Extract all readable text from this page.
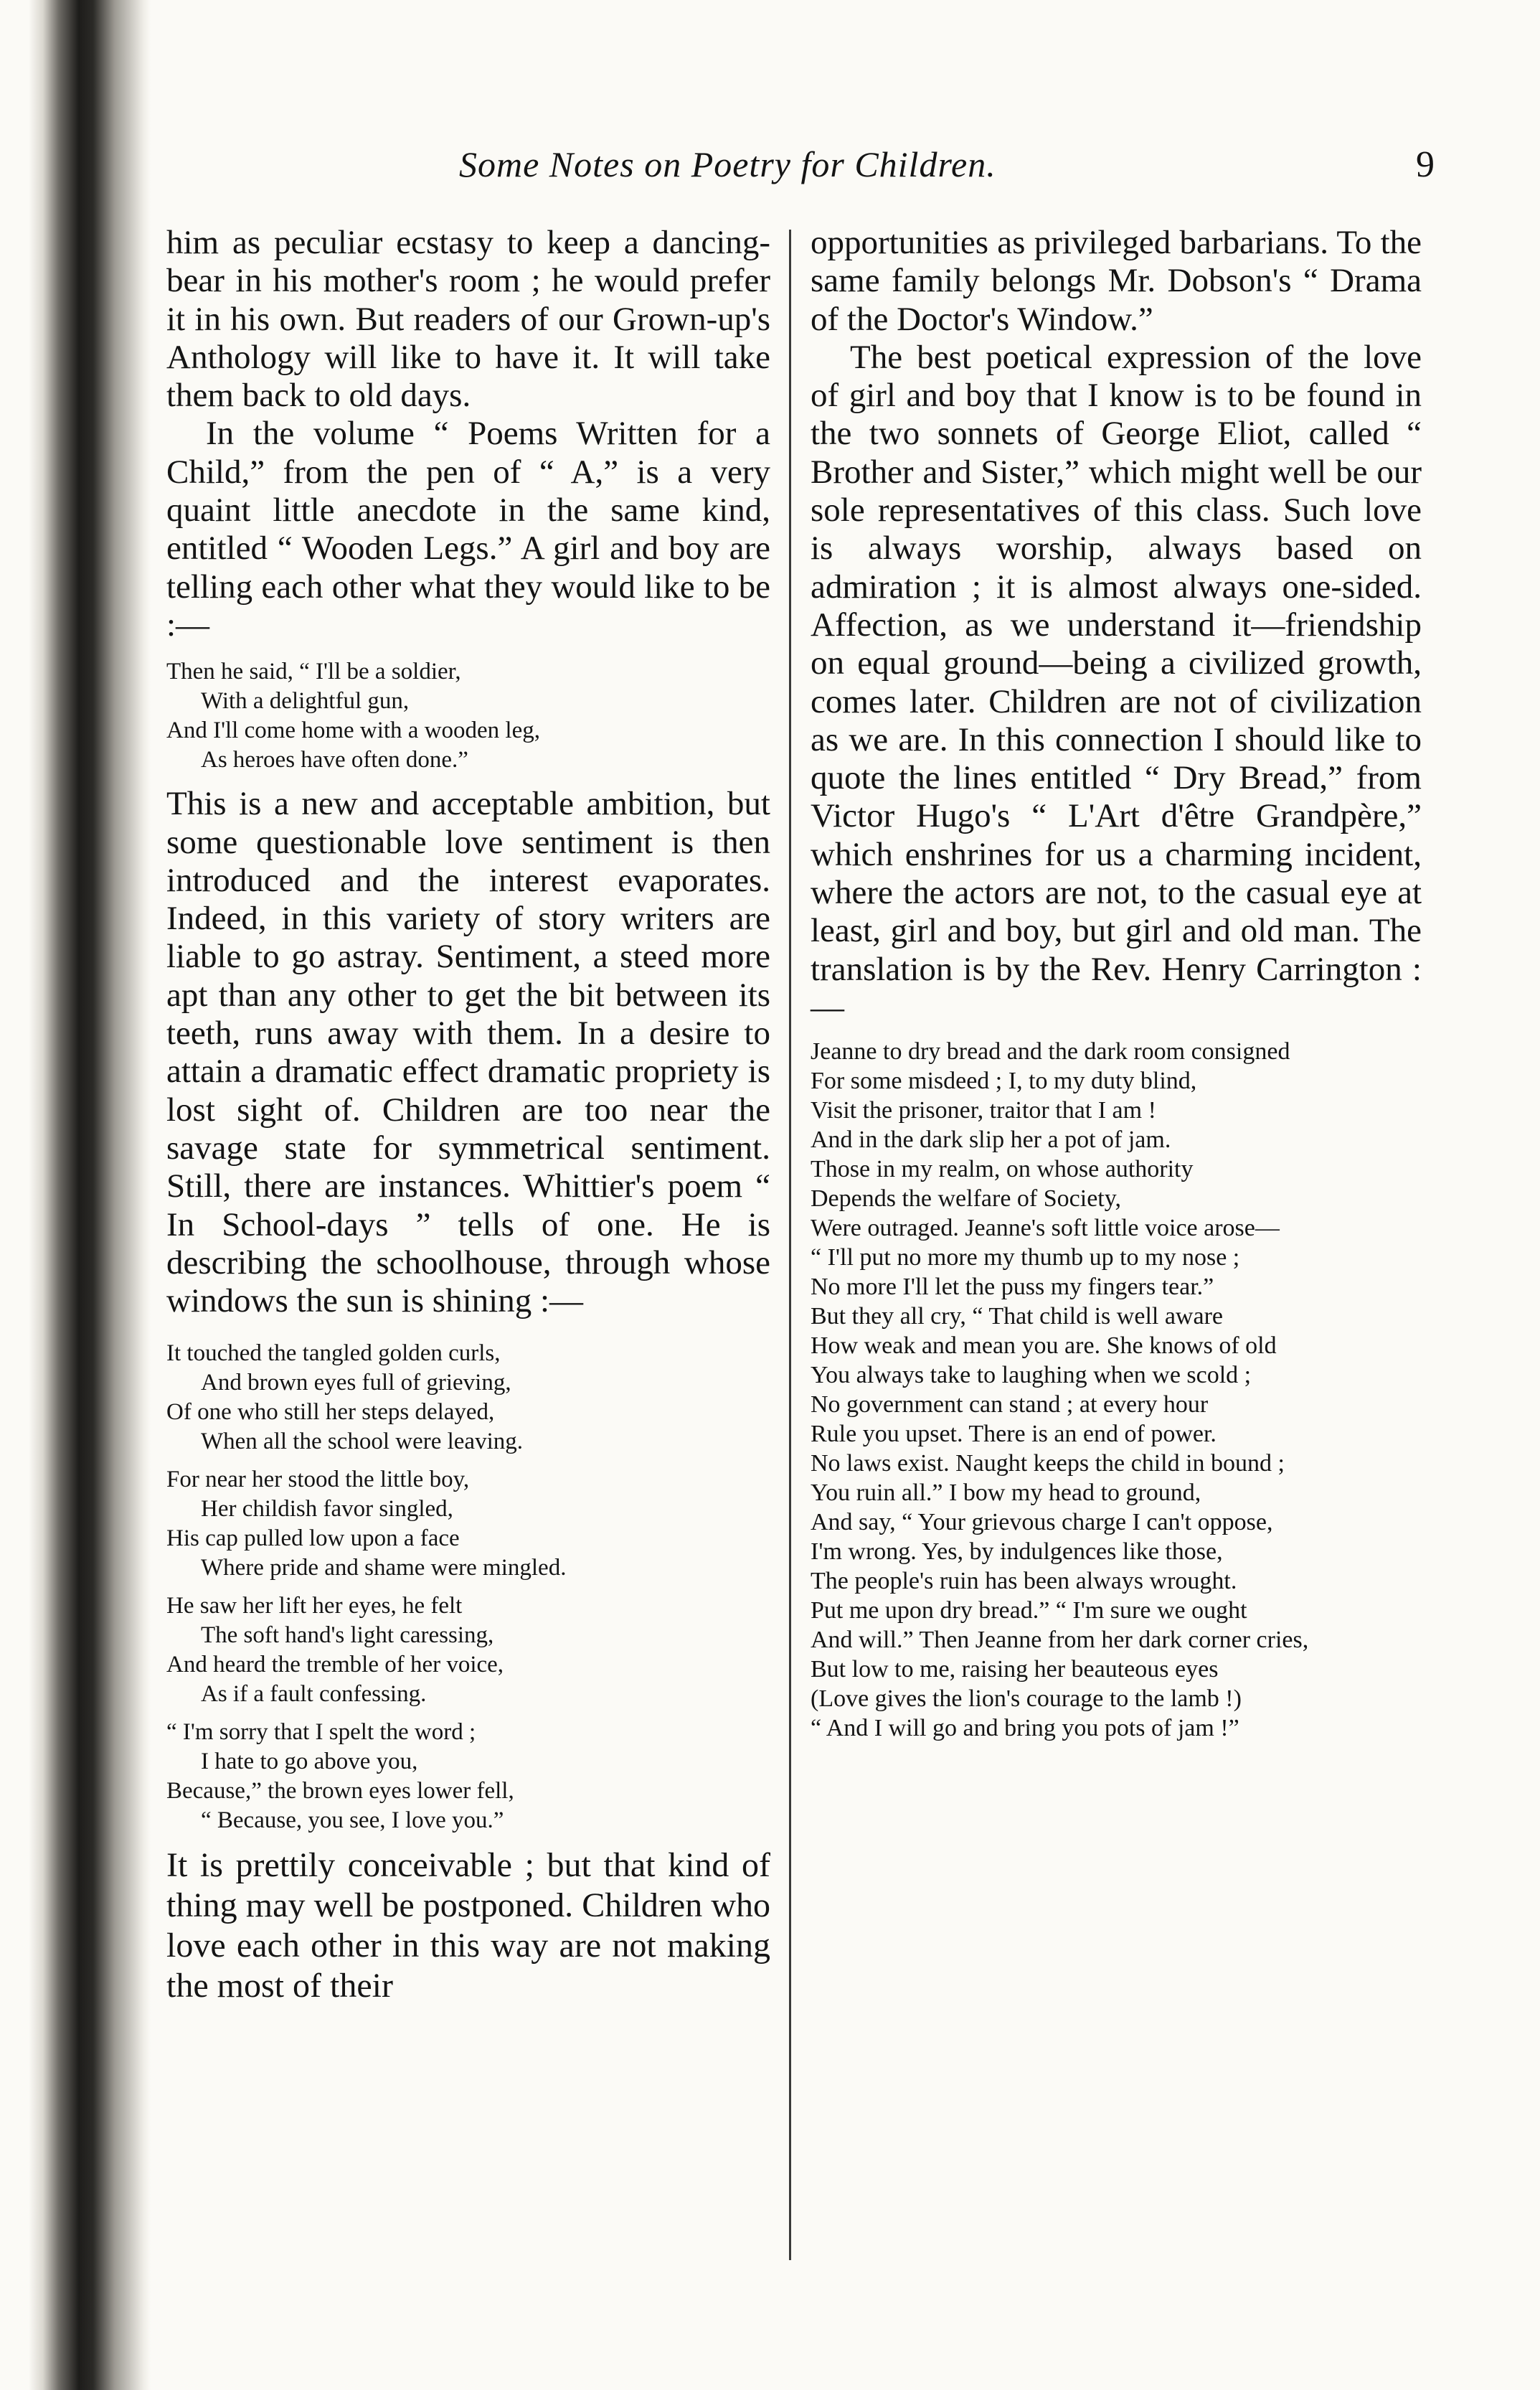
Some Notes on Poetry for Children.	9

him as peculiar ecstasy to keep a dancing-bear in his mother's room ; he would prefer it in his own. But readers of our Grown-up's Anthology will like to have it. It will take them back to old days.

In the volume “ Poems Written for a Child,” from the pen of “ A,” is a very quaint little anecdote in the same kind, entitled “ Wooden Legs.” A girl and boy are telling each other what they would like to be :—

Then he said, “ I'll be a soldier,
With a delightful gun,
And I'll come home with a wooden leg,
As heroes have often done.”

This is a new and acceptable ambition, but some questionable love sentiment is then introduced and the interest evaporates. Indeed, in this variety of story writers are liable to go astray. Sentiment, a steed more apt than any other to get the bit between its teeth, runs away with them. In a desire to attain a dramatic effect dramatic propriety is lost sight of. Children are too near the savage state for symmetrical sentiment. Still, there are instances. Whittier's poem “ In School-days ” tells of one. He is describing the schoolhouse, through whose windows the sun is shining :—

It touched the tangled golden curls,
And brown eyes full of grieving,
Of one who still her steps delayed,
When all the school were leaving.
For near her stood the little boy,
Her childish favor singled,
His cap pulled low upon a face
Where pride and shame were mingled.
He saw her lift her eyes, he felt
The soft hand's light caressing,
And heard the tremble of her voice,
As if a fault confessing.
“ I'm sorry that I spelt the word ;
I hate to go above you,
Because,” the brown eyes lower fell,
“ Because, you see, I love you.”

It is prettily conceivable ; but that kind of thing may well be postponed. Children who love each other in this way are not making the most of their

opportunities as privileged barbarians. To the same family belongs Mr. Dobson's “ Drama of the Doctor's Window.”

The best poetical expression of the love of girl and boy that I know is to be found in the two sonnets of George Eliot, called “ Brother and Sister,” which might well be our sole representatives of this class. Such love is always worship, always based on admiration ; it is almost always one-sided. Affection, as we understand it—friendship on equal ground—being a civilized growth, comes later. Children are not of civilization as we are. In this connection I should like to quote the lines entitled “ Dry Bread,” from Victor Hugo's “ L'Art d'être Grandpère,” which enshrines for us a charming incident, where the actors are not, to the casual eye at least, girl and boy, but girl and old man. The translation is by the Rev. Henry Carrington :—

Jeanne to dry bread and the dark room consigned
For some misdeed ; I, to my duty blind,
Visit the prisoner, traitor that I am !
And in the dark slip her a pot of jam.
Those in my realm, on whose authority
Depends the welfare of Society,
Were outraged. Jeanne's soft little voice arose—
“ I'll put no more my thumb up to my nose ;
No more I'll let the puss my fingers tear.”
But they all cry, “ That child is well aware
How weak and mean you are. She knows of old
You always take to laughing when we scold ;
No government can stand ; at every hour
Rule you upset. There is an end of power.
No laws exist. Naught keeps the child in bound ;
You ruin all.” I bow my head to ground,
And say, “ Your grievous charge I can't oppose,
I'm wrong. Yes, by indulgences like those,
The people's ruin has been always wrought.
Put me upon dry bread.” “ I'm sure we ought
And will.” Then Jeanne from her dark corner cries,
But low to me, raising her beauteous eyes
(Love gives the lion's courage to the lamb !)
“ And I will go and bring you pots of jam !”
